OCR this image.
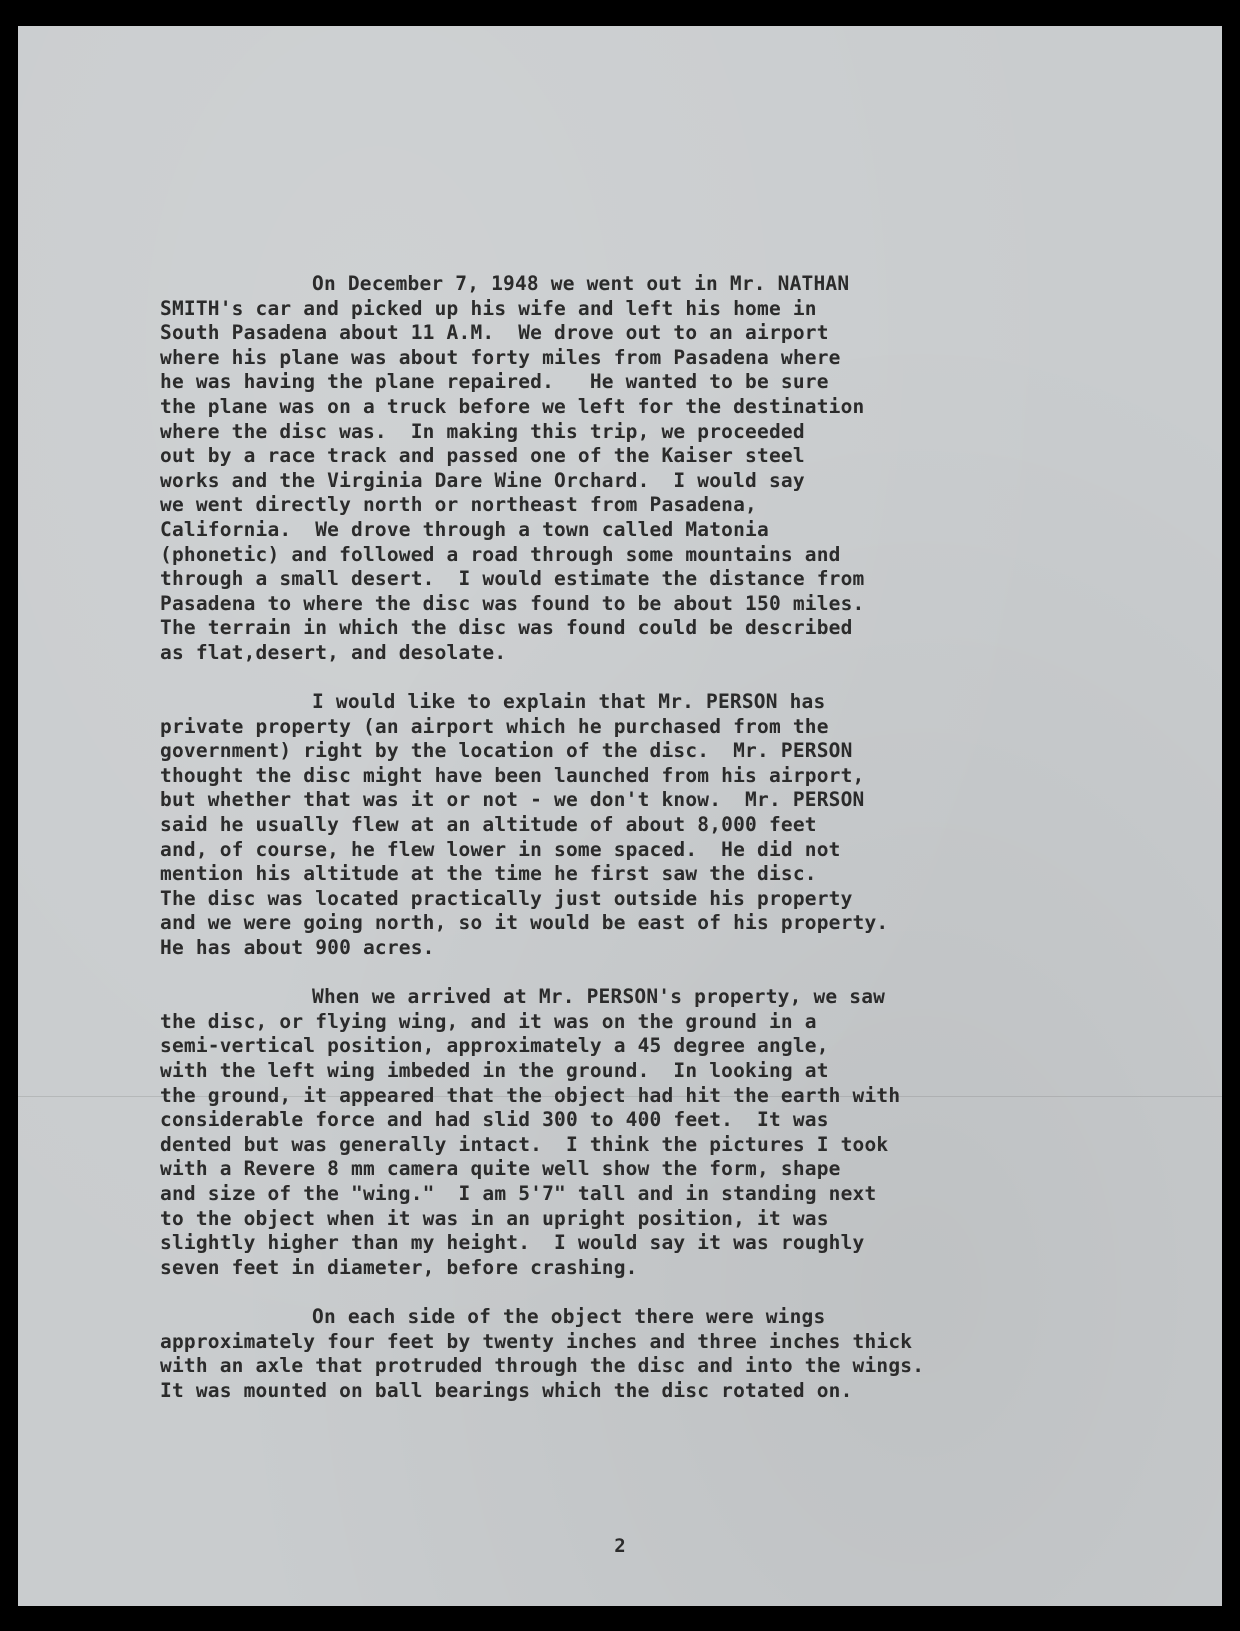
On December 7, 1948 we went out in Mr. NATHAN
SMITH's car and picked up his wife and left his home in
South Pasadena about 11 A.M.  We drove out to an airport
where his plane was about forty miles from Pasadena where
he was having the plane repaired.   He wanted to be sure
the plane was on a truck before we left for the destination
where the disc was.  In making this trip, we proceeded
out by a race track and passed one of the Kaiser steel
works and the Virginia Dare Wine Orchard.  I would say
we went directly north or northeast from Pasadena,
California.  We drove through a town called Matonia
(phonetic) and followed a road through some mountains and
through a small desert.  I would estimate the distance from
Pasadena to where the disc was found to be about 150 miles.
The terrain in which the disc was found could be described
as flat,desert, and desolate.
I would like to explain that Mr. PERSON has
private property (an airport which he purchased from the
government) right by the location of the disc.  Mr. PERSON
thought the disc might have been launched from his airport,
but whether that was it or not - we don't know.  Mr. PERSON
said he usually flew at an altitude of about 8,000 feet
and, of course, he flew lower in some spaced.  He did not
mention his altitude at the time he first saw the disc.
The disc was located practically just outside his property
and we were going north, so it would be east of his property.
He has about 900 acres.
When we arrived at Mr. PERSON's property, we saw
the disc, or flying wing, and it was on the ground in a
semi-vertical position, approximately a 45 degree angle,
with the left wing imbeded in the ground.  In looking at
the ground, it appeared that the object had hit the earth with
considerable force and had slid 300 to 400 feet.  It was
dented but was generally intact.  I think the pictures I took
with a Revere 8 mm camera quite well show the form, shape
and size of the "wing."  I am 5'7" tall and in standing next
to the object when it was in an upright position, it was
slightly higher than my height.  I would say it was roughly
seven feet in diameter, before crashing.
On each side of the object there were wings
approximately four feet by twenty inches and three inches thick
with an axle that protruded through the disc and into the wings.
It was mounted on ball bearings which the disc rotated on.
2
